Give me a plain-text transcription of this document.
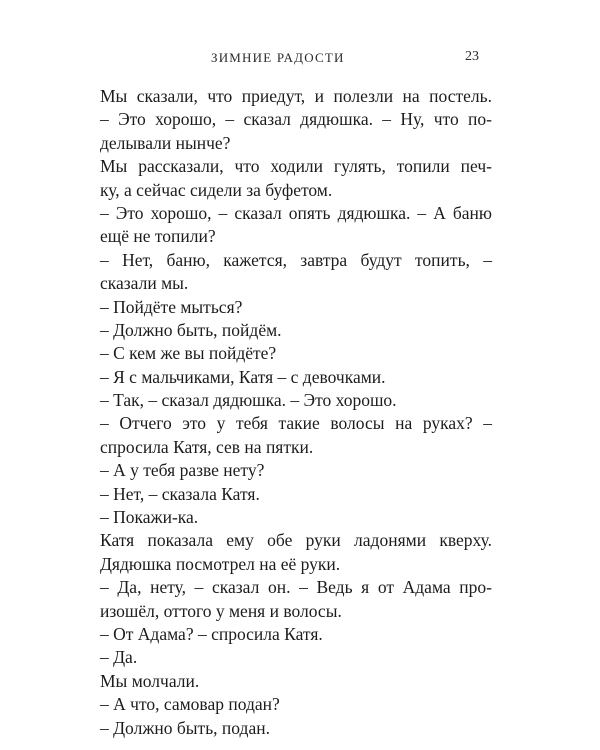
ЗИМНИЕ РАДОСТИ	23
Мы сказали, что приедут, и полезли на постель.
– Это хорошо, – сказал дядюшка. – Ну, что по-
делывали нынче?
Мы рассказали, что ходили гулять, топили печ-
ку, а сейчас сидели за буфетом.
– Это хорошо, – сказал опять дядюшка. – А баню
ещё не топили?
– Нет, баню, кажется, завтра будут топить, –
сказали мы.
– Пойдёте мыться?
– Должно быть, пойдём.
– С кем же вы пойдёте?
– Я с мальчиками, Катя – с девочками.
– Так, – сказал дядюшка. – Это хорошо.
– Отчего это у тебя такие волосы на руках? –
спросила Катя, сев на пятки.
– А у тебя разве нету?
– Нет, – сказала Катя.
– Покажи-ка.
Катя показала ему обе руки ладонями кверху.
Дядюшка посмотрел на её руки.
– Да, нету, – сказал он. – Ведь я от Адама про-
изошёл, оттого у меня и волосы.
– От Адама? – спросила Катя.
– Да.
Мы молчали.
– А что, самовар подан?
– Должно быть, подан.
